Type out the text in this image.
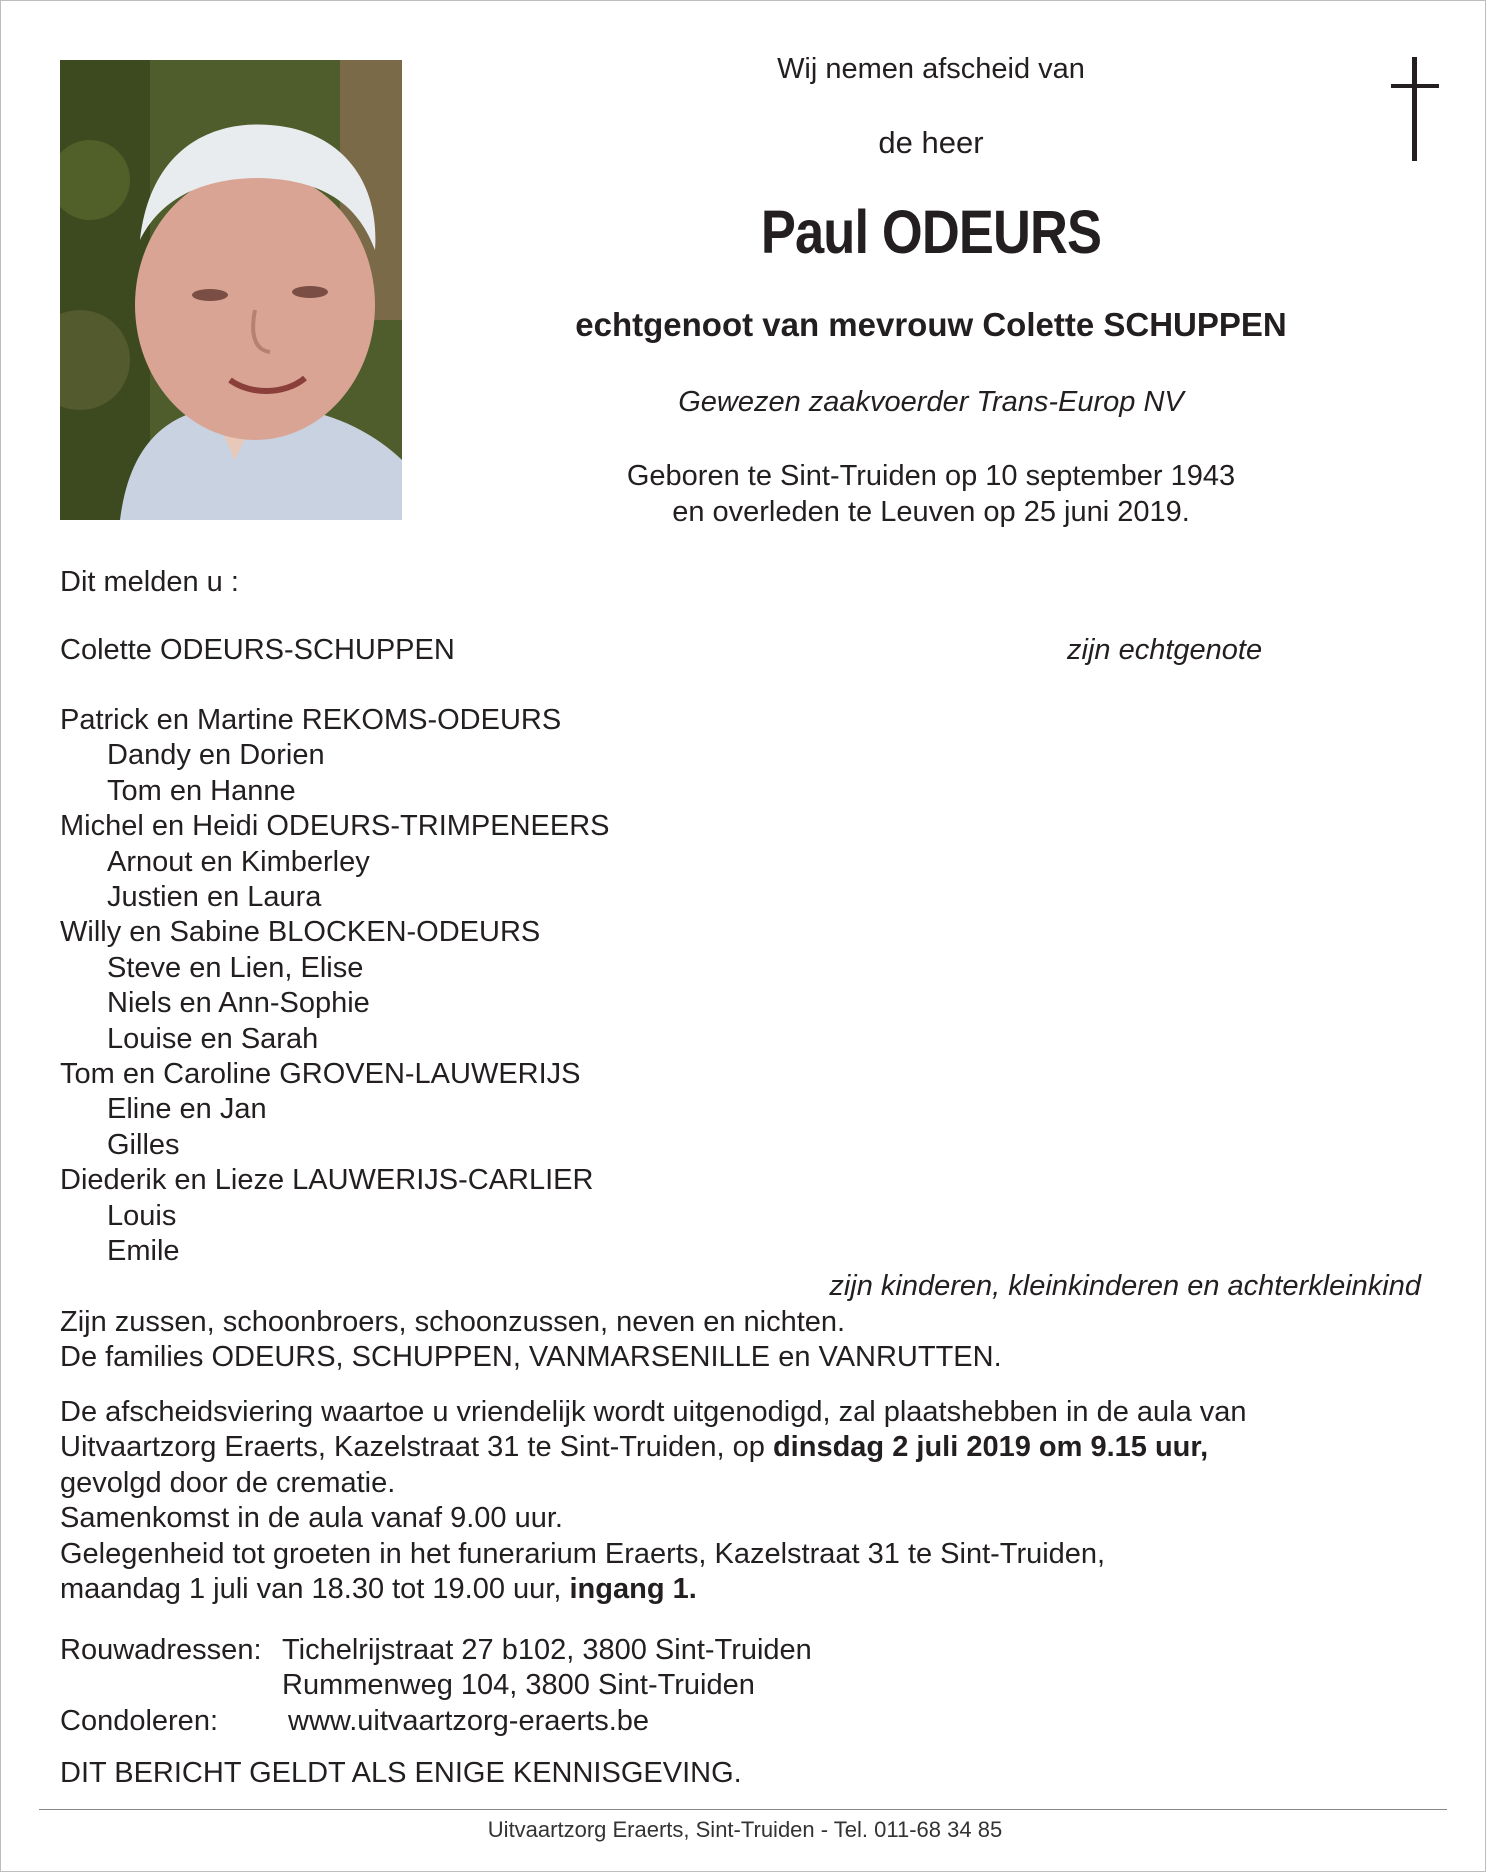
Wij nemen afscheid van
de heer
Paul ODEURS
echtgenoot van mevrouw Colette SCHUPPEN
Gewezen zaakvoerder Trans-Europ NV
Geboren te Sint-Truiden op 10 september 1943
en overleden te Leuven op 25 juni 2019.
Dit melden u :
Colette ODEURS-SCHUPPEN	zijn echtgenote
Patrick en Martine REKOMS-ODEURS
Dandy en Dorien
Tom en Hanne
Michel en Heidi ODEURS-TRIMPENEERS
Arnout en Kimberley
Justien en Laura
Willy en Sabine BLOCKEN-ODEURS
Steve en Lien, Elise
Niels en Ann-Sophie
Louise en Sarah
Tom en Caroline GROVEN-LAUWERIJS
Eline en Jan
Gilles
Diederik en Lieze LAUWERIJS-CARLIER
Louis
Emile
zijn kinderen, kleinkinderen en achterkleinkind
Zijn zussen, schoonbroers, schoonzussen, neven en nichten.
De families ODEURS, SCHUPPEN, VANMARSENILLE en VANRUTTEN.
De afscheidsviering waartoe u vriendelijk wordt uitgenodigd, zal plaatshebben in de aula van
Uitvaartzorg Eraerts, Kazelstraat 31 te Sint-Truiden, op dinsdag 2 juli 2019 om 9.15 uur,
gevolgd door de crematie.
Samenkomst in de aula vanaf 9.00 uur.
Gelegenheid tot groeten in het funerarium Eraerts, Kazelstraat 31 te Sint-Truiden,
maandag 1 juli van 18.30 tot 19.00 uur, ingang 1.
Rouwadressen:	Tichelrijstraat 27 b102, 3800 Sint-Truiden
	Rummenweg 104, 3800 Sint-Truiden
Condoleren:	www.uitvaartzorg-eraerts.be
DIT BERICHT GELDT ALS ENIGE KENNISGEVING.
Uitvaartzorg Eraerts, Sint-Truiden - Tel. 011-68 34 85
